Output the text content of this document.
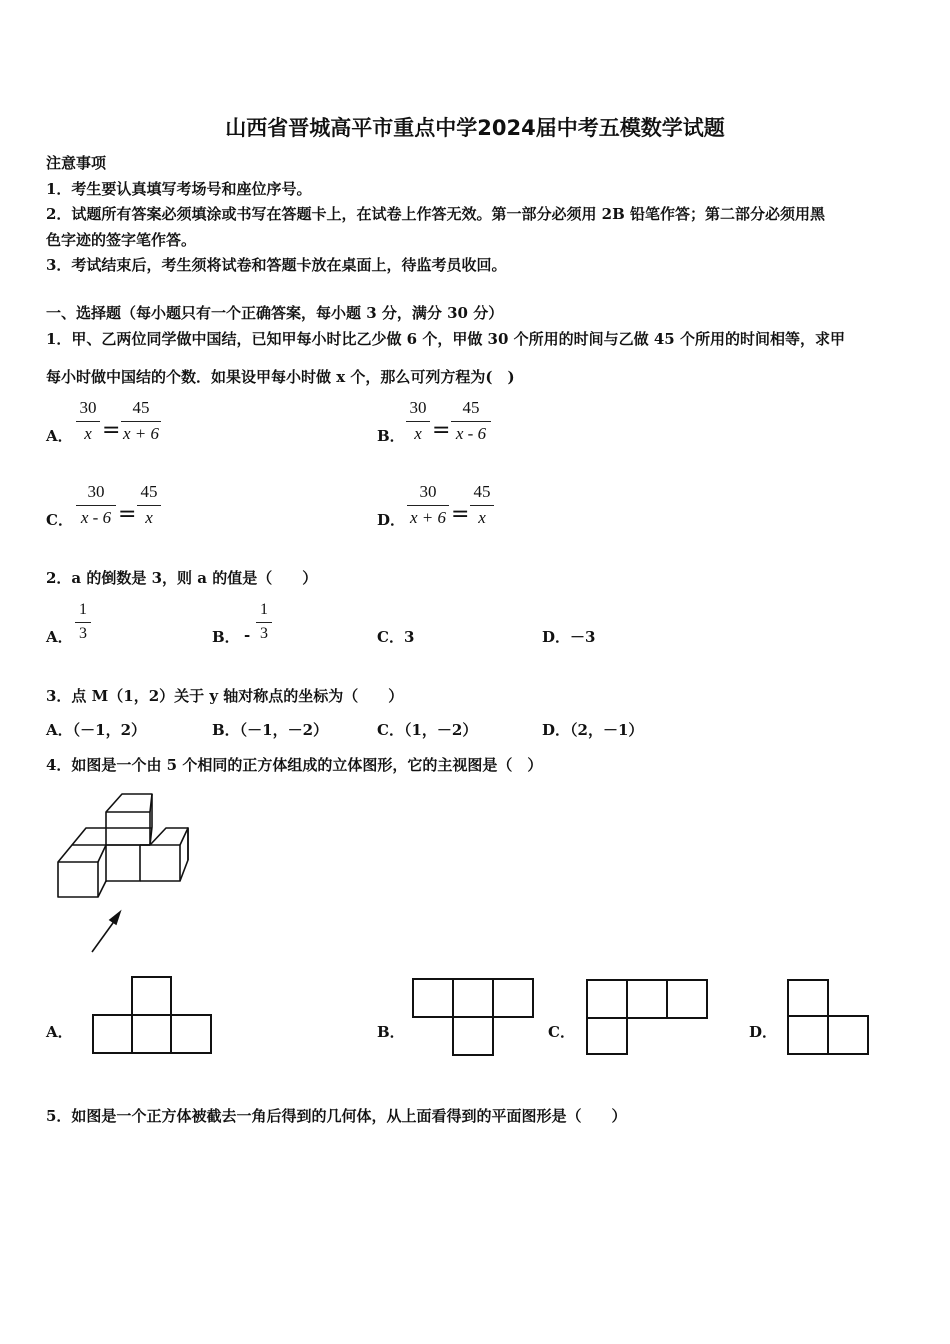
山西省晋城高平市重点中学2024届中考五模数学试题
注意事项
1．考生要认真填写考场号和座位序号。
2．试题所有答案必须填涂或书写在答题卡上，在试卷上作答无效。第一部分必须用 2B 铅笔作答；第二部分必须用黑
色字迹的签字笔作答。
3．考试结束后，考生须将试卷和答题卡放在桌面上，待监考员收回。
一、选择题（每小题只有一个正确答案，每小题 3 分，满分 30 分）
1．甲、乙两位同学做中国结，已知甲每小时比乙少做 6 个，甲做 30 个所用的时间与乙做 45 个所用的时间相等，求甲
每小时做中国结的个数．如果设甲每小时做 x 个，那么可列方程为(　)
A．
30
x =
45
x + 6	B．
30
x =
45
x - 6
C．
30
x - 6 =
45
x	D．
30
x + 6 =
45
x
2．a 的倒数是 3，则 a 的值是（　　）
A．
1
3	B． -
1
3	C．3	D．－3
3．点 M（1，2）关于 y 轴对称点的坐标为（　　）
A．（－1，2）	B．（－1，－2）	C．（1，－2）	D．（2，－1）
4．如图是一个由 5 个相同的正方体组成的立体图形，它的主视图是（　）
A．	B．	C．	D．
5．如图是一个正方体被截去一角后得到的几何体，从上面看得到的平面图形是（　　）
